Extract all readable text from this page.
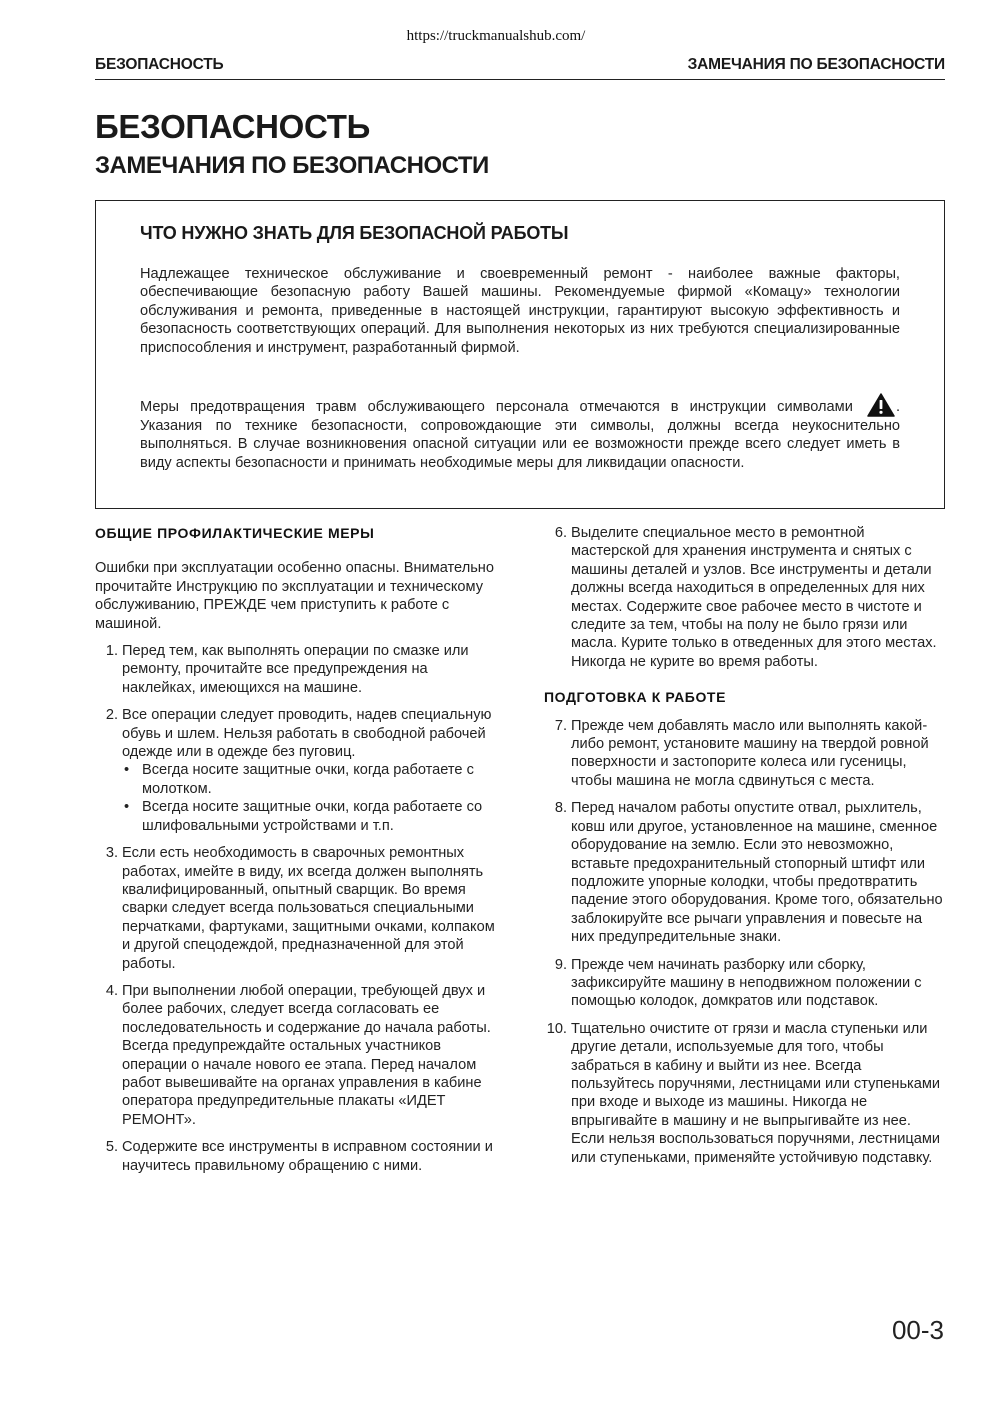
https://truckmanualshub.com/
БЕЗОПАСНОСТЬ	ЗАМЕЧАНИЯ ПО БЕЗОПАСНОСТИ
БЕЗОПАСНОСТЬ
ЗАМЕЧАНИЯ ПО БЕЗОПАСНОСТИ
ЧТО НУЖНО ЗНАТЬ ДЛЯ БЕЗОПАСНОЙ РАБОТЫ
Надлежащее техническое обслуживание и своевременный ремонт - наиболее важные факторы, обеспечивающие безопасную работу Вашей машины. Рекомендуемые фирмой «Комацу» технологии обслуживания и ремонта, приведенные в настоящей инструкции, гарантируют высокую эффективность и безопасность соответствующих операций. Для выполнения некоторых из них требуются специализированные приспособления и инструмент, разработанный фирмой.
Меры предотвращения травм обслуживающего персонала отмечаются в инструкции символами	. Указания по технике безопасности, сопровождающие эти символы, должны всегда неукоснительно выполняться. В случае возникновения опасной ситуации или ее возможности прежде всего следует иметь в виду аспекты безопасности и принимать необходимые меры для ликвидации опасности.
ОБЩИЕ ПРОФИЛАКТИЧЕСКИЕ МЕРЫ
Ошибки при эксплуатации особенно опасны. Внимательно прочитайте Инструкцию по эксплуатации и техническому обслуживанию, ПРЕЖДЕ чем приступить к работе с машиной.
1. Перед тем, как выполнять операции по смазке или ремонту, прочитайте все предупреждения на наклейках, имеющихся на машине.
2. Все операции следует проводить, надев специальную обувь и шлем. Нельзя работать в свободной рабочей одежде или в одежде без пуговиц.
• Всегда носите защитные очки, когда работаете с молотком.
• Всегда носите защитные очки, когда работаете со шлифовальными устройствами и т.п.
3. Если есть необходимость в сварочных ремонтных работах, имейте в виду, их всегда должен выполнять квалифицированный, опытный сварщик. Во время сварки следует всегда пользоваться специальными перчатками, фартуками, защитными очками, колпаком и другой спецодеждой, предназначенной для этой работы.
4. При выполнении любой операции, требующей двух и более рабочих, следует всегда согласовать ее последовательность и содержание до начала работы. Всегда предупреждайте остальных участников операции о начале нового ее этапа. Перед началом работ вывешивайте на органах управления в кабине оператора предупредительные плакаты «ИДЕТ РЕМОНТ».
5. Содержите все инструменты в исправном состоянии и научитесь правильному обращению с ними.
6. Выделите специальное место в ремонтной мастерской для хранения инструмента и снятых с машины деталей и узлов. Все инструменты и детали должны всегда находиться в определенных для них местах. Содержите свое рабочее место в чистоте и следите за тем, чтобы на полу не было грязи или масла. Курите только в отведенных для этого местах. Никогда не курите во время работы.
ПОДГОТОВКА К РАБОТЕ
7. Прежде чем добавлять масло или выполнять какой-либо ремонт, установите машину на твердой ровной поверхности и застопорите колеса или гусеницы, чтобы машина не могла сдвинуться с места.
8. Перед началом работы опустите отвал, рыхлитель, ковш или другое, установленное на машине, сменное оборудование на землю. Если это невозможно, вставьте предохранительный стопорный штифт или подложите упорные колодки, чтобы предотвратить падение этого оборудования. Кроме того, обязательно заблокируйте все рычаги управления и повесьте на них предупредительные знаки.
9. Прежде чем начинать разборку или сборку, зафиксируйте машину в неподвижном положении с помощью колодок, домкратов или подставок.
10. Тщательно очистите от грязи и масла ступеньки или другие детали, используемые для того, чтобы забраться в кабину и выйти из нее. Всегда пользуйтесь поручнями, лестницами или ступеньками при входе и выходе из машины. Никогда не впрыгивайте в машину и не выпрыгивайте из нее. Если нельзя воспользоваться поручнями, лестницами или ступеньками, применяйте устойчивую подставку.
00-3
